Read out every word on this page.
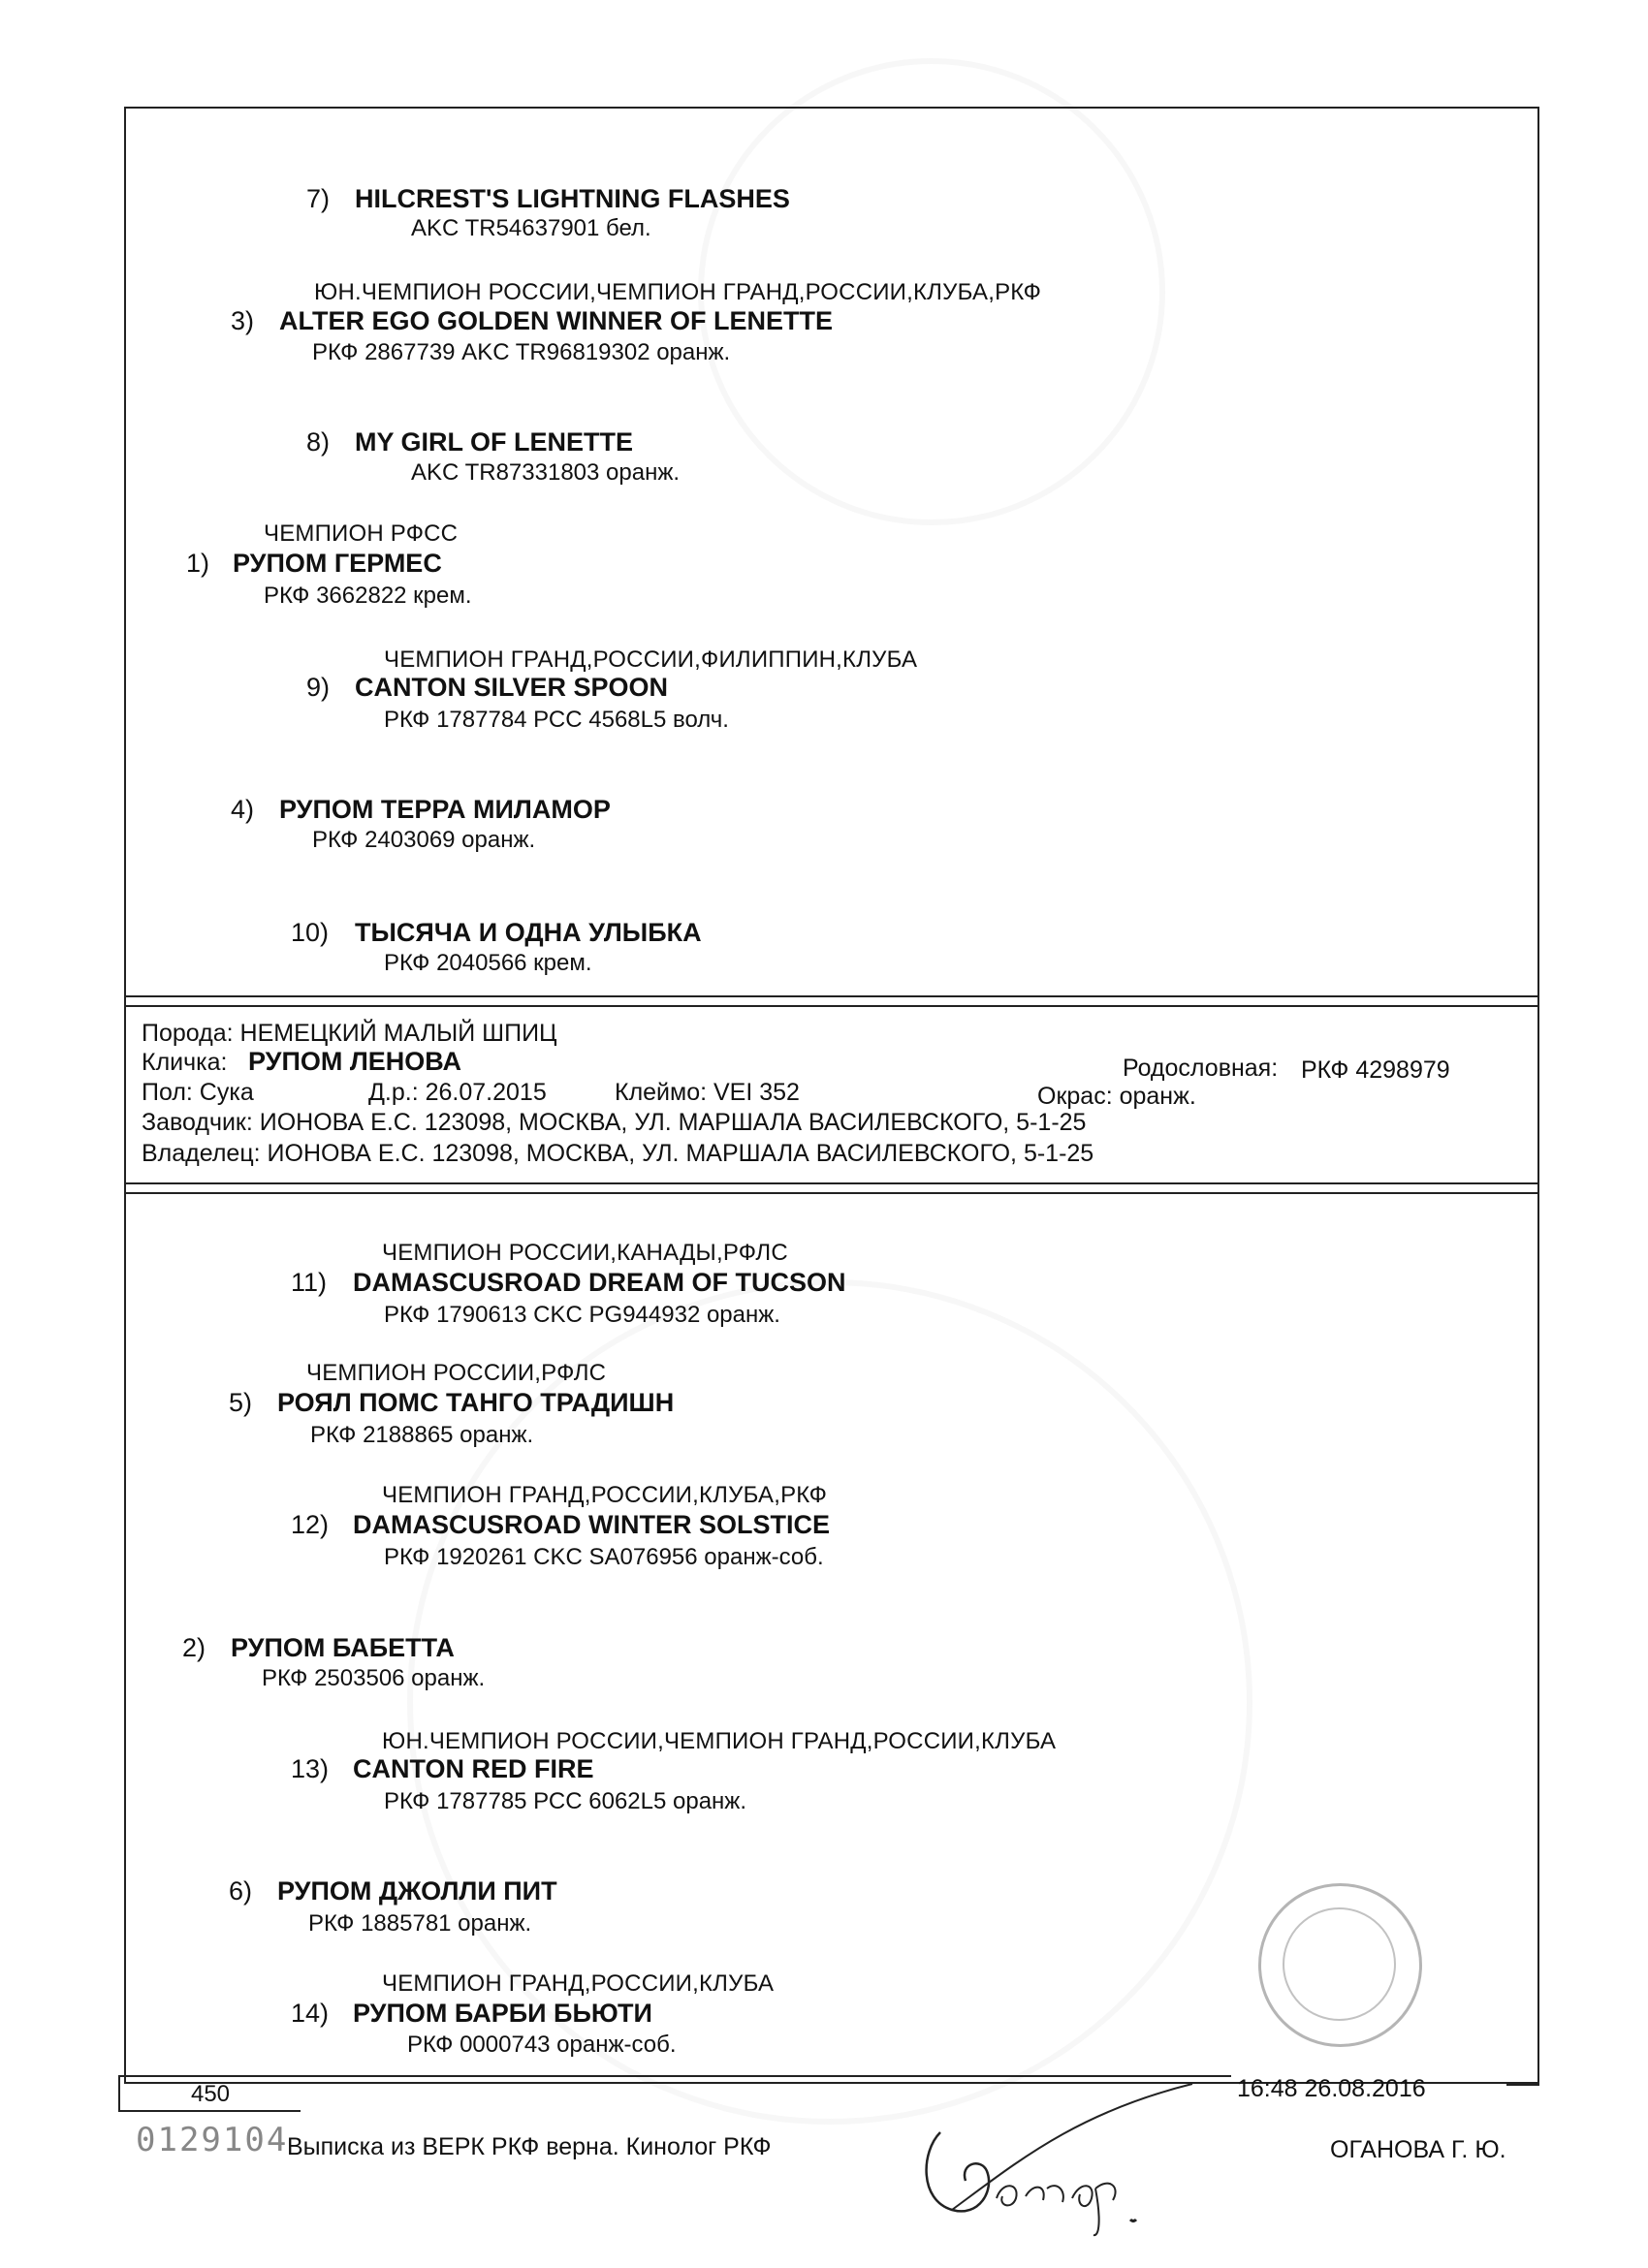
7) HILCREST'S LIGHTNING FLASHES
AKC TR54637901 бел.
ЮН.ЧЕМПИОН РОССИИ,ЧЕМПИОН ГРАНД,РОССИИ,КЛУБА,РКФ
3) ALTER EGO GOLDEN WINNER OF LENETTE
РКФ 2867739 AKC TR96819302 оранж.
8) MY GIRL OF LENETTE
AKC TR87331803 оранж.
ЧЕМПИОН РФСС
1) РУПОМ ГЕРМЕС
РКФ 3662822 крем.
ЧЕМПИОН ГРАНД,РОССИИ,ФИЛИППИН,КЛУБА
9) CANTON SILVER SPOON
РКФ 1787784 РСС 4568L5 волч.
4) РУПОМ ТЕРРА МИЛАМОР
РКФ 2403069 оранж.
10) ТЫСЯЧА И ОДНА УЛЫБКА
РКФ 2040566 крем.
Порода: НЕМЕЦКИЙ МАЛЫЙ ШПИЦ
Кличка: РУПОМ ЛЕНОВА	Родословная: РКФ 4298979
Пол: Сука	Д.р.: 26.07.2015	Клеймо: VEI 352	Окрас: оранж.
Заводчик: ИОНОВА Е.С. 123098, МОСКВА, УЛ. МАРШАЛА ВАСИЛЕВСКОГО, 5-1-25
Владелец: ИОНОВА Е.С. 123098, МОСКВА, УЛ. МАРШАЛА ВАСИЛЕВСКОГО, 5-1-25
ЧЕМПИОН РОССИИ,КАНАДЫ,РФЛС
11) DAMASCUSROAD DREAM OF TUCSON
РКФ 1790613 CKC PG944932 оранж.
ЧЕМПИОН РОССИИ,РФЛС
5) РОЯЛ ПОМС ТАНГО ТРАДИШН
РКФ 2188865 оранж.
ЧЕМПИОН ГРАНД,РОССИИ,КЛУБА,РКФ
12) DAMASCUSROAD WINTER SOLSTICE
РКФ 1920261 CKC SA076956 оранж-соб.
2) РУПОМ БАБЕТТА
РКФ 2503506 оранж.
ЮН.ЧЕМПИОН РОССИИ,ЧЕМПИОН ГРАНД,РОССИИ,КЛУБА
13) CANTON RED FIRE
РКФ 1787785 РСС 6062L5 оранж.
6) РУПОМ ДЖОЛЛИ ПИТ
РКФ 1885781 оранж.
ЧЕМПИОН ГРАНД,РОССИИ,КЛУБА
14) РУПОМ БАРБИ БЬЮТИ
РКФ 0000743 оранж-соб.
450	16:48 26.08.2016
0129104
Выписка из ВЕРК РКФ верна. Кинолог РКФ	ОГАНОВА Г. Ю.
Оганов
